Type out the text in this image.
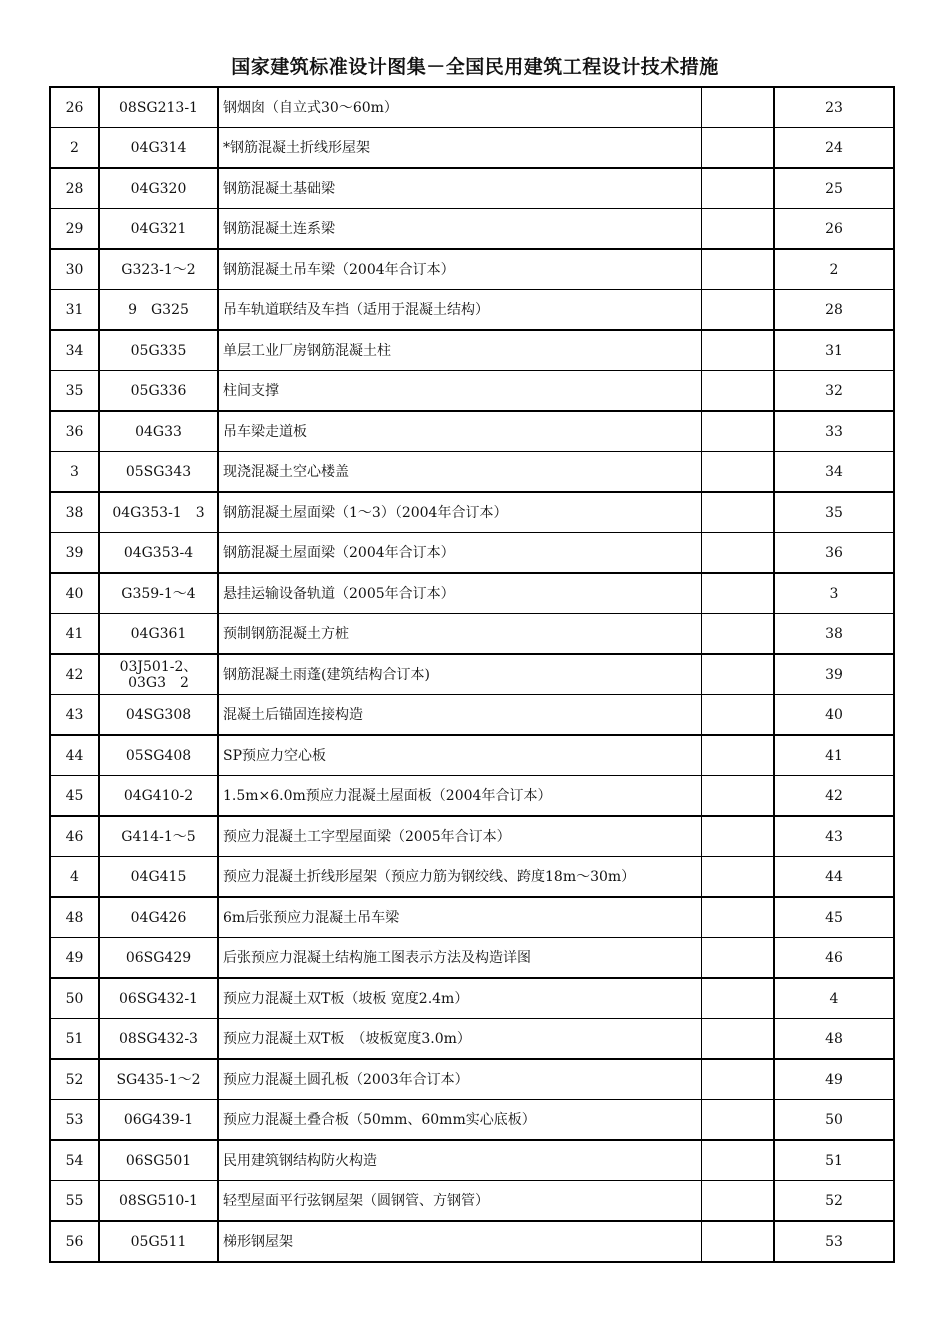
国家建筑标准设计图集－全国民用建筑工程设计技术措施
26	08SG213-1	钢烟囱（自立式30～60m）		23
2	04G314	*钢筋混凝土折线形屋架		24
28	04G320	钢筋混凝土基础梁		25
29	04G321	钢筋混凝土连系梁		26
30	G323-1～2	钢筋混凝土吊车梁（2004年合订本）		2
31	9　G325	吊车轨道联结及车挡（适用于混凝土结构）		28
34	05G335	单层工业厂房钢筋混凝土柱		31
35	05G336	柱间支撑		32
36	04G33	吊车梁走道板		33
3	05SG343	现浇混凝土空心楼盖		34
38	04G353-1　3	钢筋混凝土屋面梁（1～3）（2004年合订本）		35
39	04G353-4	钢筋混凝土屋面梁（2004年合订本）		36
40	G359-1～4	悬挂运输设备轨道（2005年合订本）		3
41	04G361	预制钢筋混凝土方桩		38
42	03J501-2、
03G3　2	钢筋混凝土雨蓬(建筑结构合订本)		39
43	04SG308	混凝土后锚固连接构造		40
44	05SG408	SP预应力空心板		41
45	04G410-2	1.5m×6.0m预应力混凝土屋面板（2004年合订本）		42
46	G414-1～5	预应力混凝土工字型屋面梁（2005年合订本）		43
4	04G415	预应力混凝土折线形屋架（预应力筋为钢绞线、跨度18m～30m）		44
48	04G426	6m后张预应力混凝土吊车梁		45
49	06SG429	后张预应力混凝土结构施工图表示方法及构造详图		46
50	06SG432-1	预应力混凝土双T板（坡板 宽度2.4m）		4
51	08SG432-3	预应力混凝土双T板　（坡板宽度3.0m）		48
52	SG435-1～2	预应力混凝土圆孔板（2003年合订本）		49
53	06G439-1	预应力混凝土叠合板（50mm、60mm实心底板）		50
54	06SG501	民用建筑钢结构防火构造		51
55	08SG510-1	轻型屋面平行弦钢屋架（圆钢管、方钢管）		52
56	05G511	梯形钢屋架		53
